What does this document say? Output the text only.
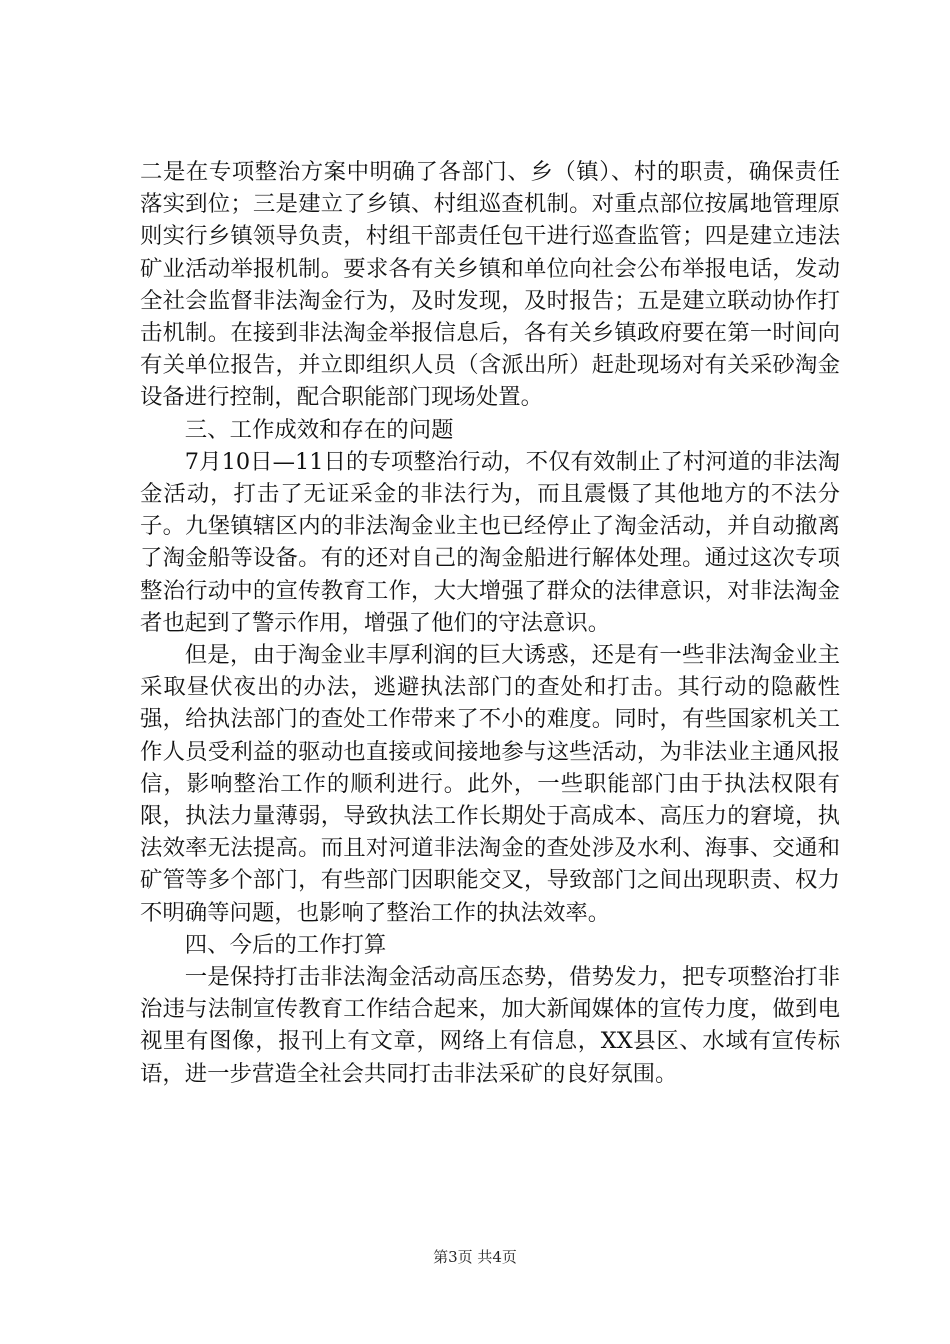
二是在专项整治方案中明确了各部门、乡（镇）、村的职责，确保责任落实到位；三是建立了乡镇、村组巡查机制。对重点部位按属地管理原则实行乡镇领导负责，村组干部责任包干进行巡查监管；四是建立违法矿业活动举报机制。要求各有关乡镇和单位向社会公布举报电话，发动全社会监督非法淘金行为，及时发现，及时报告；五是建立联动协作打击机制。在接到非法淘金举报信息后，各有关乡镇政府要在第一时间向有关单位报告，并立即组织人员（含派出所）赶赴现场对有关采砂淘金设备进行控制，配合职能部门现场处置。

三、工作成效和存在的问题

7月10日—11日的专项整治行动，不仅有效制止了村河道的非法淘金活动，打击了无证采金的非法行为，而且震慑了其他地方的不法分子。九堡镇辖区内的非法淘金业主也已经停止了淘金活动，并自动撤离了淘金船等设备。有的还对自己的淘金船进行解体处理。通过这次专项整治行动中的宣传教育工作，大大增强了群众的法律意识，对非法淘金者也起到了警示作用，增强了他们的守法意识。

但是，由于淘金业丰厚利润的巨大诱惑，还是有一些非法淘金业主采取昼伏夜出的办法，逃避执法部门的查处和打击。其行动的隐蔽性强，给执法部门的查处工作带来了不小的难度。同时，有些国家机关工作人员受利益的驱动也直接或间接地参与这些活动，为非法业主通风报信，影响整治工作的顺利进行。此外，一些职能部门由于执法权限有限，执法力量薄弱，导致执法工作长期处于高成本、高压力的窘境，执法效率无法提高。而且对河道非法淘金的查处涉及水利、海事、交通和矿管等多个部门，有些部门因职能交叉，导致部门之间出现职责、权力不明确等问题，也影响了整治工作的执法效率。

四、今后的工作打算

一是保持打击非法淘金活动高压态势，借势发力，把专项整治打非治违与法制宣传教育工作结合起来，加大新闻媒体的宣传力度，做到电视里有图像，报刊上有文章，网络上有信息，XX县区、水域有宣传标语，进一步营造全社会共同打击非法采矿的良好氛围。

第3页 共4页
